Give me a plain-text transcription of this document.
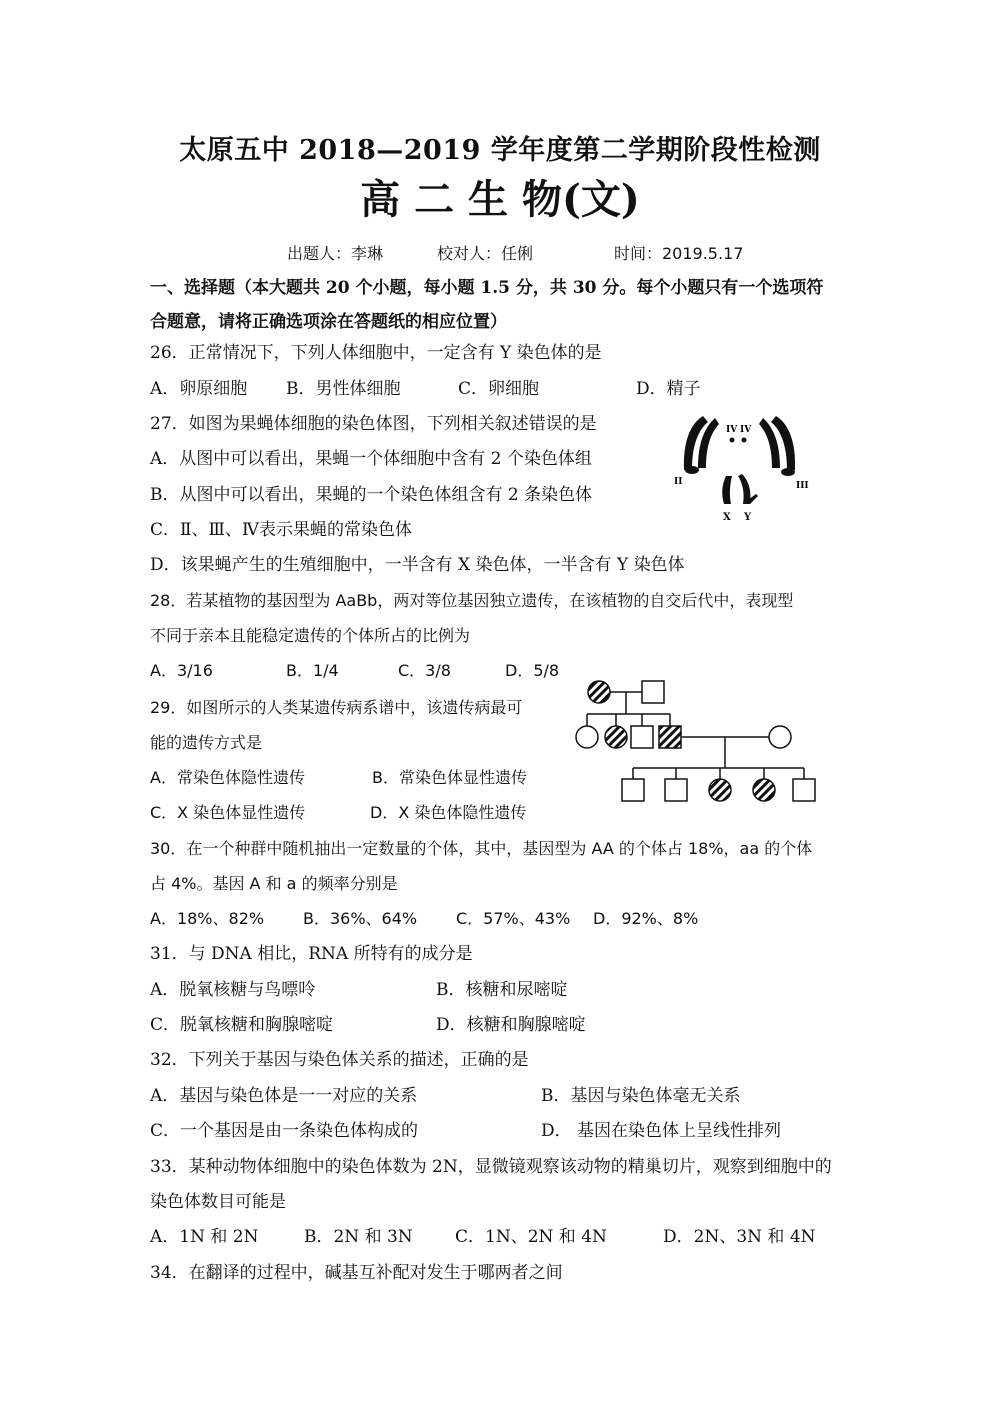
太原五中 2018—2019 学年度第二学期阶段性检测
高 二 生 物(文)
出题人：李琳	校对人：任俐	时间：2019.5.17
一、选择题（本大题共 20 个小题，每小题 1.5 分，共 30 分。每个小题只有一个选项符
合题意，请将正确选项涂在答题纸的相应位置）
26．正常情况下，下列人体细胞中，一定含有 Y 染色体的是
A．卵原细胞 B．男性体细胞	C．卵细胞	D．精子
27．如图为果蝇体细胞的染色体图，下列相关叙述错误的是
A．从图中可以看出，果蝇一个体细胞中含有 2 个染色体组
B．从图中可以看出，果蝇的一个染色体组含有 2 条染色体
C．Ⅱ、Ⅲ、Ⅳ表示果蝇的常染色体
D．该果蝇产生的生殖细胞中，一半含有 X 染色体，一半含有 Y 染色体
IV IV
II	III
X Y
28．若某植物的基因型为 AaBb，两对等位基因独立遗传，在该植物的自交后代中，表现型
不同于亲本且能稳定遗传的个体所占的比例为
A．3/16	B．1/4	C．3/8	D．5/8
29．如图所示的人类某遗传病系谱中，该遗传病最可
能的遗传方式是
A．常染色体隐性遗传	B．常染色体显性遗传
C．X 染色体显性遗传	D．X 染色体隐性遗传
30．在一个种群中随机抽出一定数量的个体，其中，基因型为 AA 的个体占 18%，aa 的个体
占 4%。基因 A 和 a 的频率分别是
A．18%、82% B．36%、64% C．57%、43% D．92%、8%
31．与 DNA 相比，RNA 所特有的成分是
A．脱氧核糖与鸟嘌呤	B．核糖和尿嘧啶
C．脱氧核糖和胸腺嘧啶	D．核糖和胸腺嘧啶
32．下列关于基因与染色体关系的描述，正确的是
A．基因与染色体是一一对应的关系	B．基因与染色体毫无关系
C．一个基因是由一条染色体构成的	D． 基因在染色体上呈线性排列
33．某种动物体细胞中的染色体数为 2N，显微镜观察该动物的精巢切片，观察到细胞中的
染色体数目可能是
A．1N 和 2N	B．2N 和 3N C．1N、2N 和 4N	D．2N、3N 和 4N
34．在翻译的过程中，碱基互补配对发生于哪两者之间
